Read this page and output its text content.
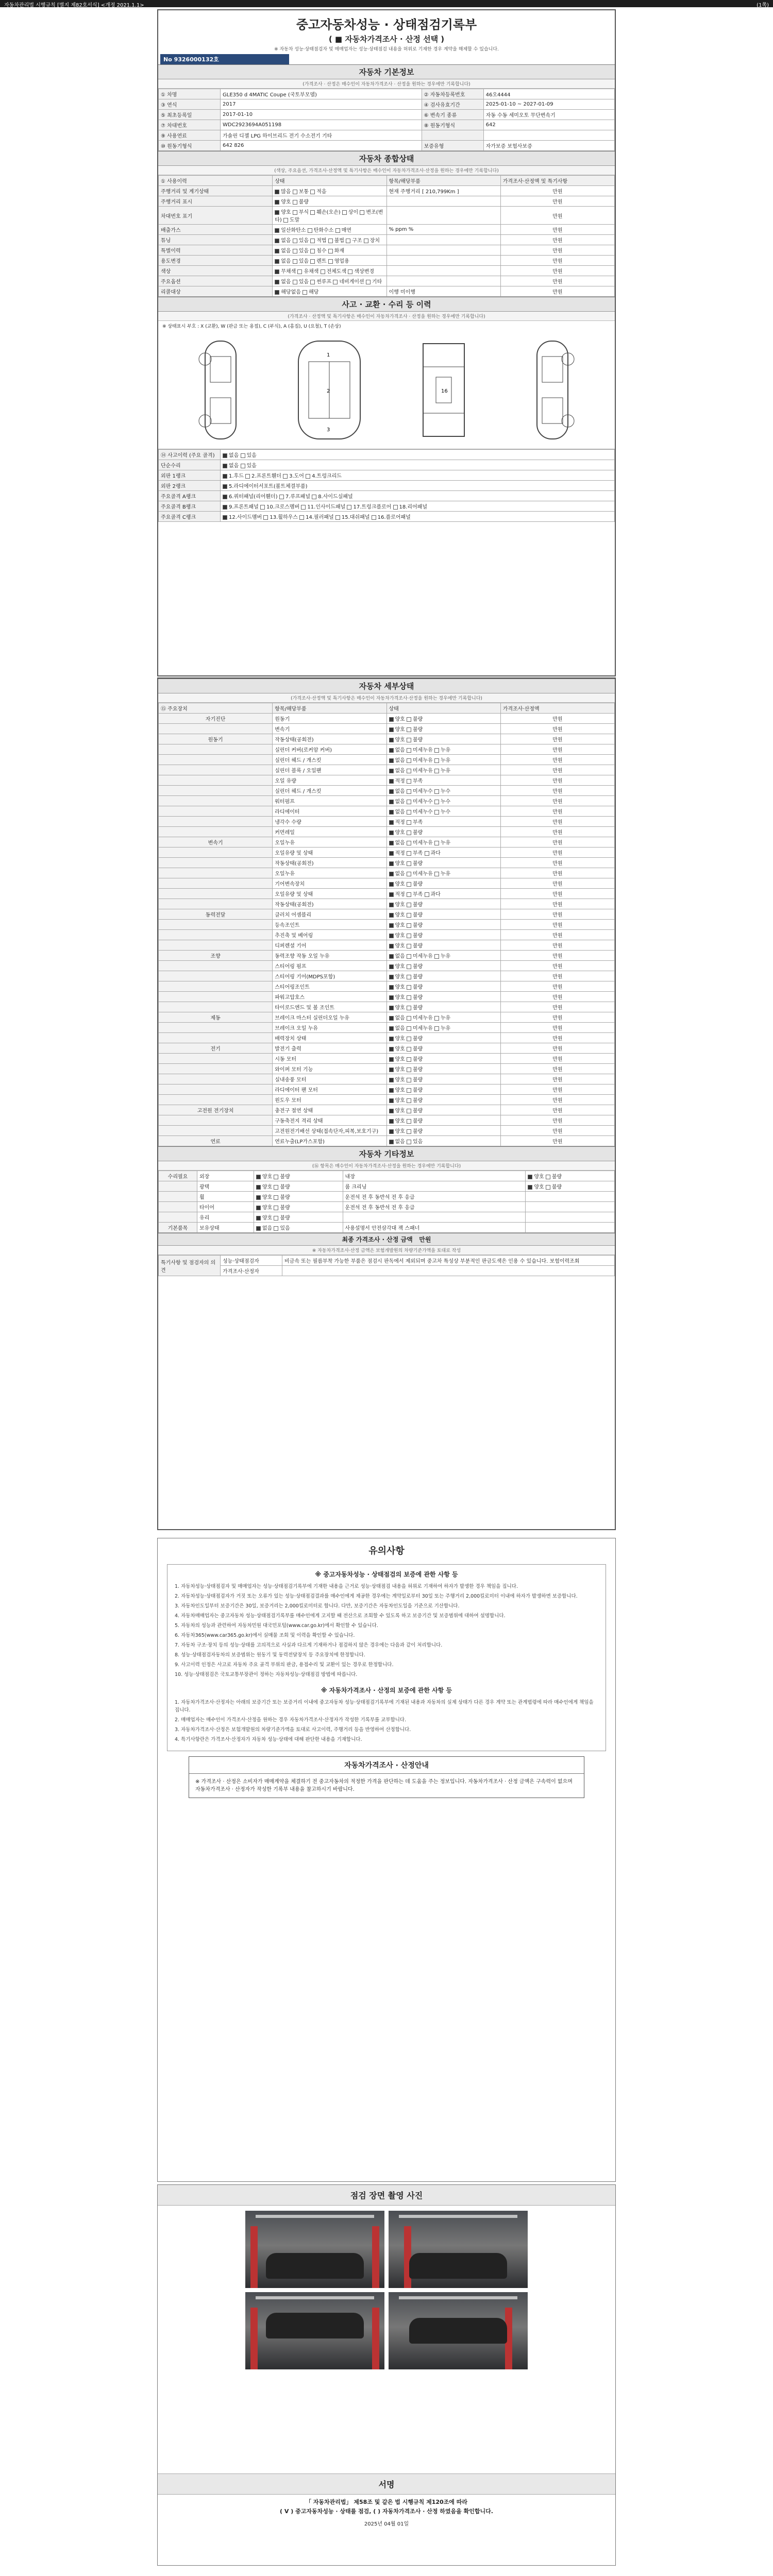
자동차관리법 시행규칙 [별지 제82호서식] <개정 2021.1.1>	(1쪽)
중고자동차성능 · 상태점검기록부
( ■ 자동차가격조사 · 산정 선택 )
※ 자동차 성능·상태점검자 및 매매업자는 성능·상태점검 내용을 허위로 기재한 경우 계약을 해제할 수 있습니다.
No 9326000132호
자동차 기본정보
(가격조사 · 산정은 매수인이 자동차가격조사 · 산정을 원하는 경우에만 기록합니다)
① 차명	GLE350 d 4MATIC Coupe (국토부모델)	② 자동차등록번호	46오4444
③ 연식	2017	④ 검사유효기간	2025-01-10 ~ 2027-01-09
⑤ 최초등록일	2017-01-10	⑥ 변속기 종류	자동 수동 세미오토 무단변속기
⑦ 차대번호	WDC2923694A051198	⑧ 원동기형식	642
⑨ 사용연료	가솔린 디젤 LPG 하이브리드 전기 수소전기 기타		
⑩ 원동기형식	642 826	보증유형	자가보증 보험사보증
자동차 종합상태
(색상, 주요옵션, 가격조사·산정액 및 특기사항은 매수인이 자동차가격조사·산정을 원하는 경우에만 기록합니다)
① 사용이력	상태	항목/해당부품	가격조사·산정액 및 특기사항
주행거리 및 계기상태	많음 보통 적음	현재 주행거리 [ 210,799Km ]	만원
주행거리 표시	양호 불량		만원
차대번호 표기	양호 부식 훼손(오손) 상이 변조(변타) 도말		만원
배출가스	일산화탄소 탄화수소 매연	% ppm %	만원
튜닝	없음 있음 적법 불법 구조 장치		만원
특별이력	없음 있음 침수 화재		만원
용도변경	없음 있음 렌트 영업용		만원
색상	무채색 유채색 전체도색 색상변경		만원
주요옵션	없음 있음 썬루프 네비게이션 기타		만원
리콜대상	해당없음 해당	이행 미이행	만원
사고 · 교환 · 수리 등 이력
(가격조사 · 산정액 및 특기사항은 매수인이 자동차가격조사 · 산정을 원하는 경우에만 기록합니다)
※ 상태표시 부호 : X (교환), W (판금 또는 용접), C (부식), A (흠집), U (요철), T (손상)
1
2
3
16
⑭ 사고이력 (주요 골격)	없음 있음
단순수리	없음 있음
외판 1랭크	1.후드 2.프론트휀더 3.도어 4.트렁크리드
외판 2랭크	5.라디에이터서포트(볼트체결부품)
주요골격 A랭크	6.쿼터패널(리어휀더) 7.루프패널 8.사이드실패널
주요골격 B랭크	9.프론트패널 10.크로스멤버 11.인사이드패널 17.트렁크플로어 18.리어패널
주요골격 C랭크	12.사이드멤버 13.휠하우스 14.필러패널 15.대쉬패널 16.플로어패널
자동차 세부상태
(가격조사·산정액 및 특기사항은 매수인이 자동차가격조사·산정을 원하는 경우에만 기록합니다)
⑮ 주요장치	항목/해당부품	상태	가격조사·산정액
자기진단	원동기	양호 불량	만원
	변속기	양호 불량	만원
원동기	작동상태(공회전)	양호 불량	만원
	실린더 커버(로커암 커버)	없음 미세누유 누유	만원
	실린더 헤드 / 개스킷	없음 미세누유 누유	만원
	실린더 블록 / 오일팬	없음 미세누유 누유	만원
	오일 유량	적정 부족	만원
	실린더 헤드 / 개스킷	없음 미세누수 누수	만원
	워터펌프	없음 미세누수 누수	만원
	라디에이터	없음 미세누수 누수	만원
	냉각수 수량	적정 부족	만원
	커먼레일	양호 불량	만원
변속기	오일누유	없음 미세누유 누유	만원
	오일유량 및 상태	적정 부족 과다	만원
	작동상태(공회전)	양호 불량	만원
	오일누유	없음 미세누유 누유	만원
	기어변속장치	양호 불량	만원
	오일유량 및 상태	적정 부족 과다	만원
	작동상태(공회전)	양호 불량	만원
동력전달	클러치 어셈블리	양호 불량	만원
	등속조인트	양호 불량	만원
	추진축 및 베어링	양호 불량	만원
	디퍼렌셜 기어	양호 불량	만원
조향	동력조향 작동 오일 누유	없음 미세누유 누유	만원
	스티어링 펌프	양호 불량	만원
	스티어링 기어(MDPS포함)	양호 불량	만원
	스티어링조인트	양호 불량	만원
	파워고압호스	양호 불량	만원
	타이로드엔드 및 볼 조인트	양호 불량	만원
제동	브레이크 마스터 실린더오일 누유	없음 미세누유 누유	만원
	브레이크 오일 누유	없음 미세누유 누유	만원
	배력장치 상태	양호 불량	만원
전기	발전기 출력	양호 불량	만원
	시동 모터	양호 불량	만원
	와이퍼 모터 기능	양호 불량	만원
	실내송풍 모터	양호 불량	만원
	라디에이터 팬 모터	양호 불량	만원
	윈도우 모터	양호 불량	만원
고전원 전기장치	충전구 절연 상태	양호 불량	만원
	구동축전지 격리 상태	양호 불량	만원
	고전원전기배선 상태(접속단자,피복,보호기구)	양호 불량	만원
연료	연료누출(LP가스포함)	없음 있음	만원
자동차 기타정보
(⑯ 항목은 매수인이 자동차가격조사·산정을 원하는 경우에만 기록합니다)
수리필요	외장	양호 불량	내장	양호 불량
	광택	양호 불량	룸 크리닝	양호 불량
	휠	양호 불량	운전석 전 후 동반석 전 후 응급	
	타이어	양호 불량	운전석 전 후 동반석 전 후 응급	
	유리	양호 불량		
기본품목	보유상태	없음 있음	사용설명서 안전삼각대 잭 스패너	
최종 가격조사 · 산정 금액 만원
※ 자동차가격조사·산정 금액은 보험개발원의 차량기준가액을 토대로 작성
특기사항 및 점검자의 의견	성능·상태점검자	비금속 또는 필름부착 가능한 부품은 점검시 판독에서 제외되며 중고차 특성상 부분적인 판금도색은 인용 수 있습니다. 보험이력조회
	가격조사·산정자	
유의사항
※ 중고자동차성능 · 상태점검의 보증에 관한 사항 등

1. 자동차성능·상태점검자 및 매매업자는 성능·상태점검기록부에 기재한 내용을 근거로 성능·상태점검 내용을 허위로 기재하여 하자가 발생한 경우 책임을 집니다.

2. 자동차성능·상태점검자가 거짓 또는 오류가 있는 성능·상태점검결과를 매수인에게 제공한 경우에는 계약일로부터 30일 또는 주행거리 2,000킬로미터 이내에 하자가 발생하면 보증합니다.

3. 자동차인도일부터 보증기간은 30일, 보증거리는 2,000킬로미터로 합니다. 다만, 보증기간은 자동차인도일을 기준으로 기산합니다.

4. 자동차매매업자는 중고자동차 성능·상태점검기록부를 매수인에게 고지할 때 전산으로 조회할 수 있도록 하고 보증기간 및 보증범위에 대하여 설명합니다.

5. 자동차의 성능과 관련하여 자동차민원 대국민포털(www.car.go.kr)에서 확인할 수 있습니다.

6. 자동차365(www.car365.go.kr)에서 실매물 조회 및 이력을 확인할 수 있습니다.

7. 자동차 구조·장치 등의 성능·상태를 고의적으로 사실과 다르게 기재하거나 점검하지 않은 경우에는 다음과 같이 처리합니다.

8. 성능·상태점검자동차의 보증범위는 원동기 및 동력전달장치 등 주요장치에 한정합니다.

9. 사고이력 인정은 사고로 자동차 주요 골격 부위의 판금, 용접수리 및 교환이 있는 경우로 한정합니다.

10. 성능·상태점검은 국토교통부장관이 정하는 자동차성능·상태점검 방법에 따릅니다.

※ 자동차가격조사 · 산정의 보증에 관한 사항 등

1. 자동차가격조사·산정자는 아래의 보증기간 또는 보증거리 이내에 중고자동차 성능·상태점검기록부에 기재된 내용과 자동차의 실제 상태가 다른 경우 계약 또는 관계법령에 따라 매수인에게 책임을 집니다.

2. 매매업자는 매수인이 가격조사·산정을 원하는 경우 자동차가격조사·산정자가 작성한 기록부를 교부합니다.

3. 자동차가격조사·산정은 보험개발원의 차량기준가액을 토대로 사고이력, 주행거리 등을 반영하여 산정합니다.

4. 특기사항란은 가격조사·산정자가 자동차 성능·상태에 대해 판단한 내용을 기재합니다.

자동차가격조사 · 산정안내

※ 가격조사 · 산정은 소비자가 매매계약을 체결하기 전 중고자동차의 적정한 가격을 판단하는 데 도움을 주는 정보입니다. 자동차가격조사 · 산정 금액은 구속력이 없으며 자동차가격조사 · 산정자가 작성한 기록부 내용을 참고하시기 바랍니다.

점검 장면 촬영 사진
서명
「 자동차관리법」 제58조 및 같은 법 시행규칙 제120조에 따라
( V ) 중고자동차성능 · 상태를 점검, ( ) 자동차가격조사 · 산정 하였음을 확인합니다.
2025년 04월 01일
